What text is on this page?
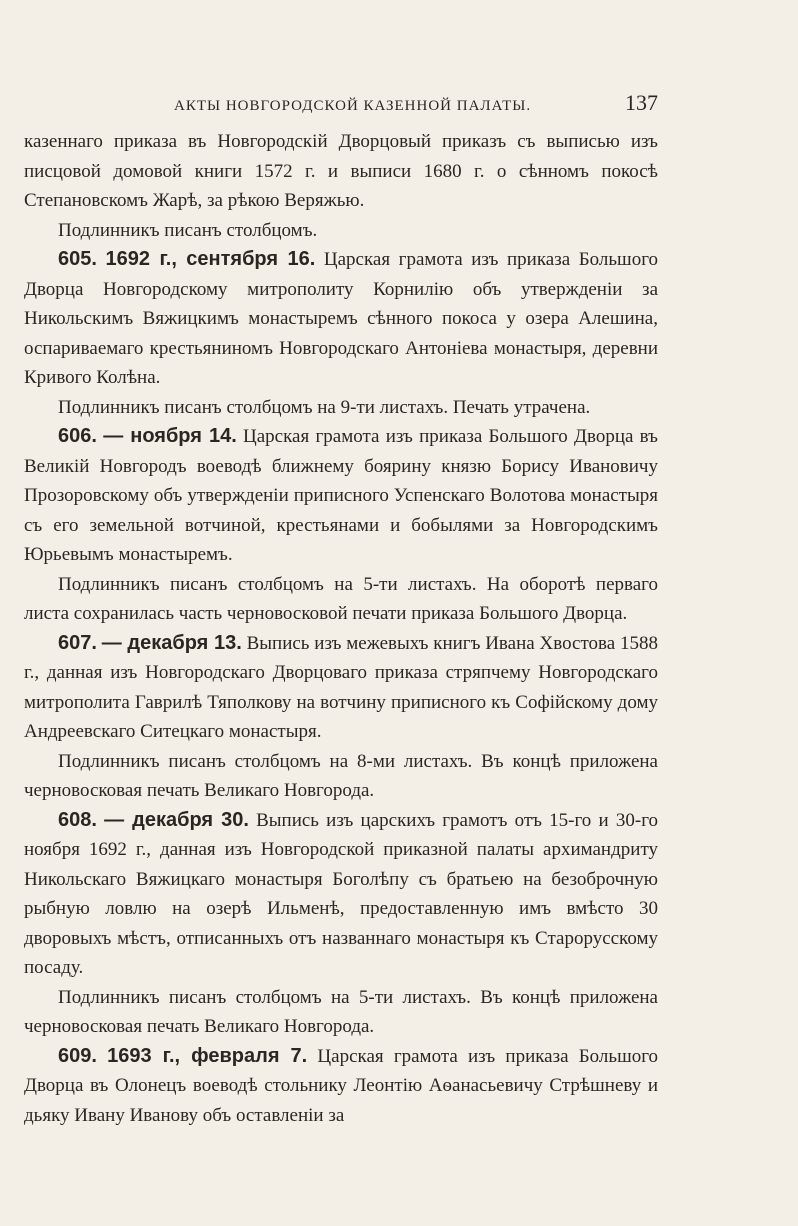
АКТЫ НОВГОРОДСКОЙ КАЗЕННОЙ ПАЛАТЫ.	137

казеннаго приказа въ Новгородскій Дворцовый приказъ съ выписью изъ писцовой домовой книги 1572 г. и выписи 1680 г. о сѣнномъ покосѣ Степановскомъ Жарѣ, за рѣкою Веряжью.

Подлинникъ писанъ столбцомъ.

605. 1692 г., сентября 16. Царская грамота изъ приказа Большого Дворца Новгородскому митрополиту Корнилію объ утвержденіи за Никольскимъ Вяжицкимъ монастыремъ сѣнного покоса у озера Алешина, оспариваемаго крестьяниномъ Новгородскаго Антоніева монастыря, деревни Кривого Колѣна.

Подлинникъ писанъ столбцомъ на 9-ти листахъ. Печать утрачена.

606. — ноября 14. Царская грамота изъ приказа Большого Дворца въ Великій Новгородъ воеводѣ ближнему боярину князю Борису Ивановичу Прозоровскому объ утвержденіи приписного Успенскаго Волотова монастыря съ его земельной вотчиной, крестьянами и бобылями за Новгородскимъ Юрьевымъ монастыремъ.

Подлинникъ писанъ столбцомъ на 5-ти листахъ. На оборотѣ перваго листа сохранилась часть черновосковой печати приказа Большого Дворца.

607. — декабря 13. Выпись изъ межевыхъ книгъ Ивана Хвостова 1588 г., данная изъ Новгородскаго Дворцоваго приказа стряпчему Новгородскаго митрополита Гаврилѣ Тяполкову на вотчину приписного къ Софійскому дому Андреевскаго Ситецкаго монастыря.

Подлинникъ писанъ столбцомъ на 8-ми листахъ. Въ концѣ приложена черновосковая печать Великаго Новгорода.

608. — декабря 30. Выпись изъ царскихъ грамотъ отъ 15-го и 30-го ноября 1692 г., данная изъ Новгородской приказной палаты архимандриту Никольскаго Вяжицкаго монастыря Боголѣпу съ братьею на безоброчную рыбную ловлю на озерѣ Ильменѣ, предоставленную имъ вмѣсто 30 дворовыхъ мѣстъ, отписанныхъ отъ названнаго монастыря къ Старорусскому посаду.

Подлинникъ писанъ столбцомъ на 5-ти листахъ. Въ концѣ приложена черновосковая печать Великаго Новгорода.

609. 1693 г., февраля 7. Царская грамота изъ приказа Большого Дворца въ Олонецъ воеводѣ стольнику Леонтію Аѳанасьевичу Стрѣшневу и дьяку Ивану Иванову объ оставленіи за
